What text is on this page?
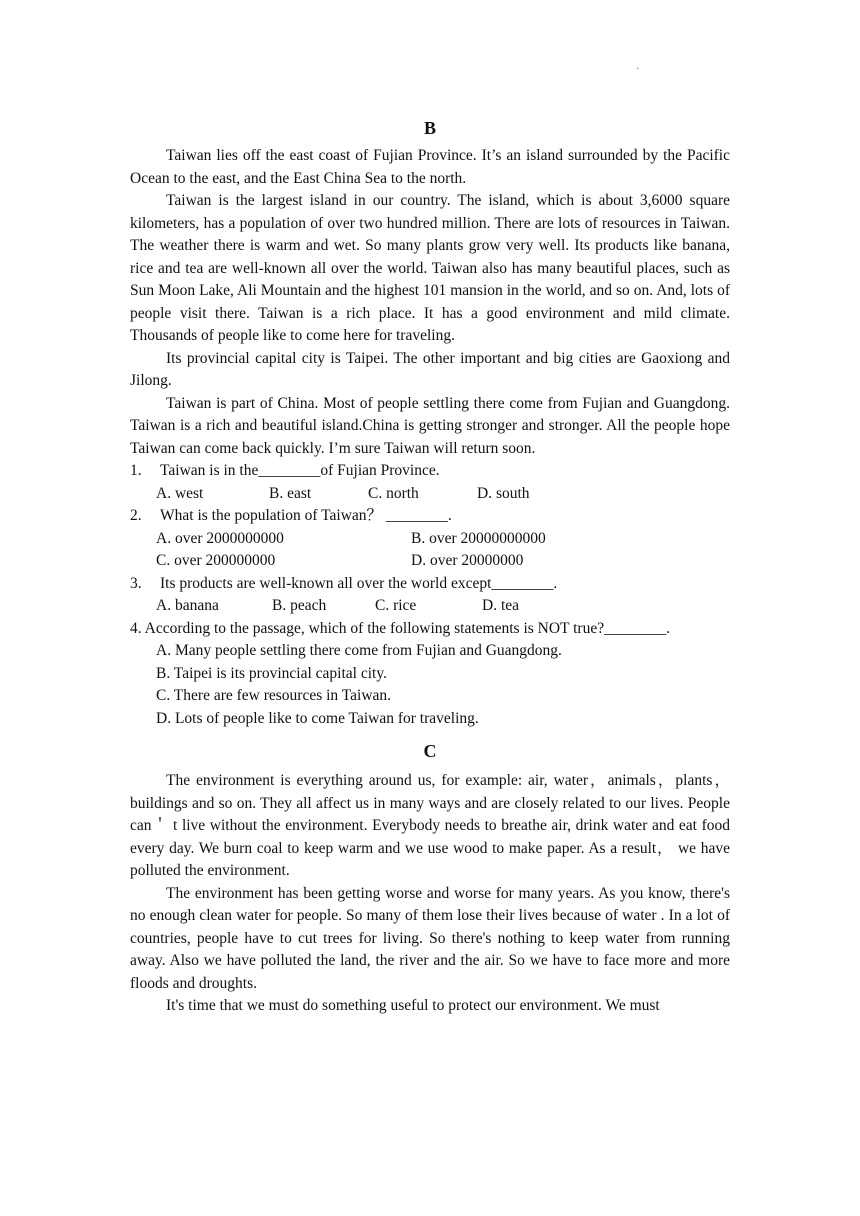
·
B

Taiwan lies off the east coast of Fujian Province. It’s an island surrounded by the Pacific Ocean to the east, and the East China Sea to the north.

Taiwan is the largest island in our country. The island, which is about 3,6000 square kilometers, has a population of over two hundred million. There are lots of resources in Taiwan. The weather there is warm and wet. So many plants grow very well. Its products like banana, rice and tea are well-known all over the world. Taiwan also has many beautiful places, such as Sun Moon Lake, Ali Mountain and the highest 101 mansion in the world, and so on. And, lots of people visit there. Taiwan is a rich place. It has a good environment and mild climate. Thousands of people like to come here for traveling.

Its provincial capital city is Taipei. The other important and big cities are Gaoxiong and Jilong.

Taiwan is part of China. Most of people settling there come from Fujian and Guangdong. Taiwan is a rich and beautiful island.China is getting stronger and stronger. All the people hope Taiwan can come back quickly. I’m sure Taiwan will return soon.

1. Taiwan is in the________of Fujian Province.

A. west	B. east	C. north	D. south

2. What is the population of Taiwan？ ________.

A. over 2000000000	B. over 20000000000
C. over 200000000	D. over 20000000

3. Its products are well-known all over the world except________.

A. banana	B. peach	C. rice	D. tea

4. According to the passage, which of the following statements is NOT true?________.

A. Many people settling there come from Fujian and Guangdong.

B. Taipei is its provincial capital city.

C. There are few resources in Taiwan.

D. Lots of people like to come Taiwan for traveling.

C

The environment is everything around us, for example: air, water，animals，plants，buildings and so on. They all affect us in many ways and are closely related to our lives. People can＇ t live without the environment. Everybody needs to breathe air, drink water and eat food every day. We burn coal to keep warm and we use wood to make paper. As a result， we have polluted the environment.

The environment has been getting worse and worse for many years. As you know, there's no enough clean water for people. So many of them lose their lives because of water . In a lot of countries, people have to cut trees for living. So there's nothing to keep water from running away. Also we have polluted the land, the river and the air. So we have to face more and more floods and droughts.

It's time that we must do something useful to protect our environment. We must
